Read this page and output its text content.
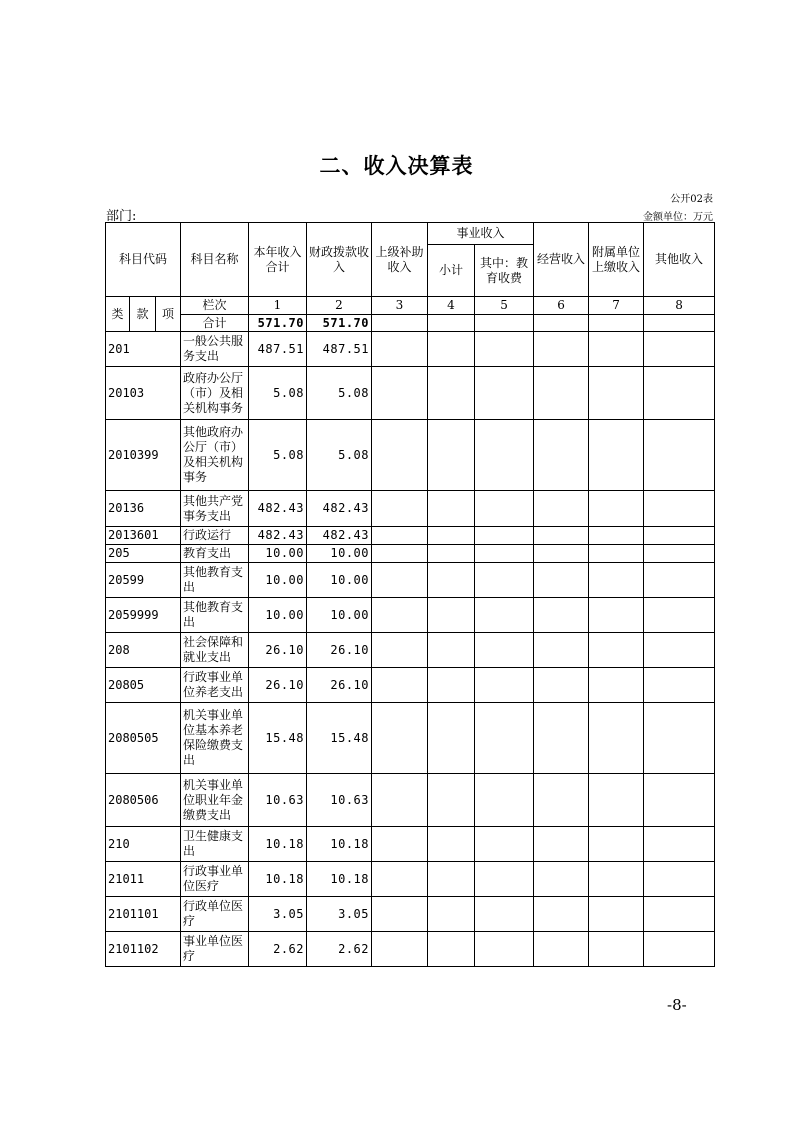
二、收入决算表
公开02表
部门:	金额单位：万元
科目代码			科目名称	本年收入合计	财政拨款收入	上级补助收入	事业收入		经营收入	附属单位上缴收入	其他收入
							小计	其中：教育收费			
类	款	项	栏次	1	2	3	4	5	6	7	8
			合计	571.70	571.70						
201			一般公共服务支出	487.51	487.51						
20103			政府办公厅（市）及相关机构事务	5.08	5.08						
2010399			其他政府办公厅（市）及相关机构事务	5.08	5.08						
20136			其他共产党事务支出	482.43	482.43						
2013601			行政运行	482.43	482.43						
205			教育支出	10.00	10.00						
20599			其他教育支出	10.00	10.00						
2059999			其他教育支出	10.00	10.00						
208			社会保障和就业支出	26.10	26.10						
20805			行政事业单位养老支出	26.10	26.10						
2080505			机关事业单位基本养老保险缴费支出	15.48	15.48						
2080506			机关事业单位职业年金缴费支出	10.63	10.63						
210			卫生健康支出	10.18	10.18						
21011			行政事业单位医疗	10.18	10.18						
2101101			行政单位医疗	3.05	3.05						
2101102			事业单位医疗	2.62	2.62						
-8-
